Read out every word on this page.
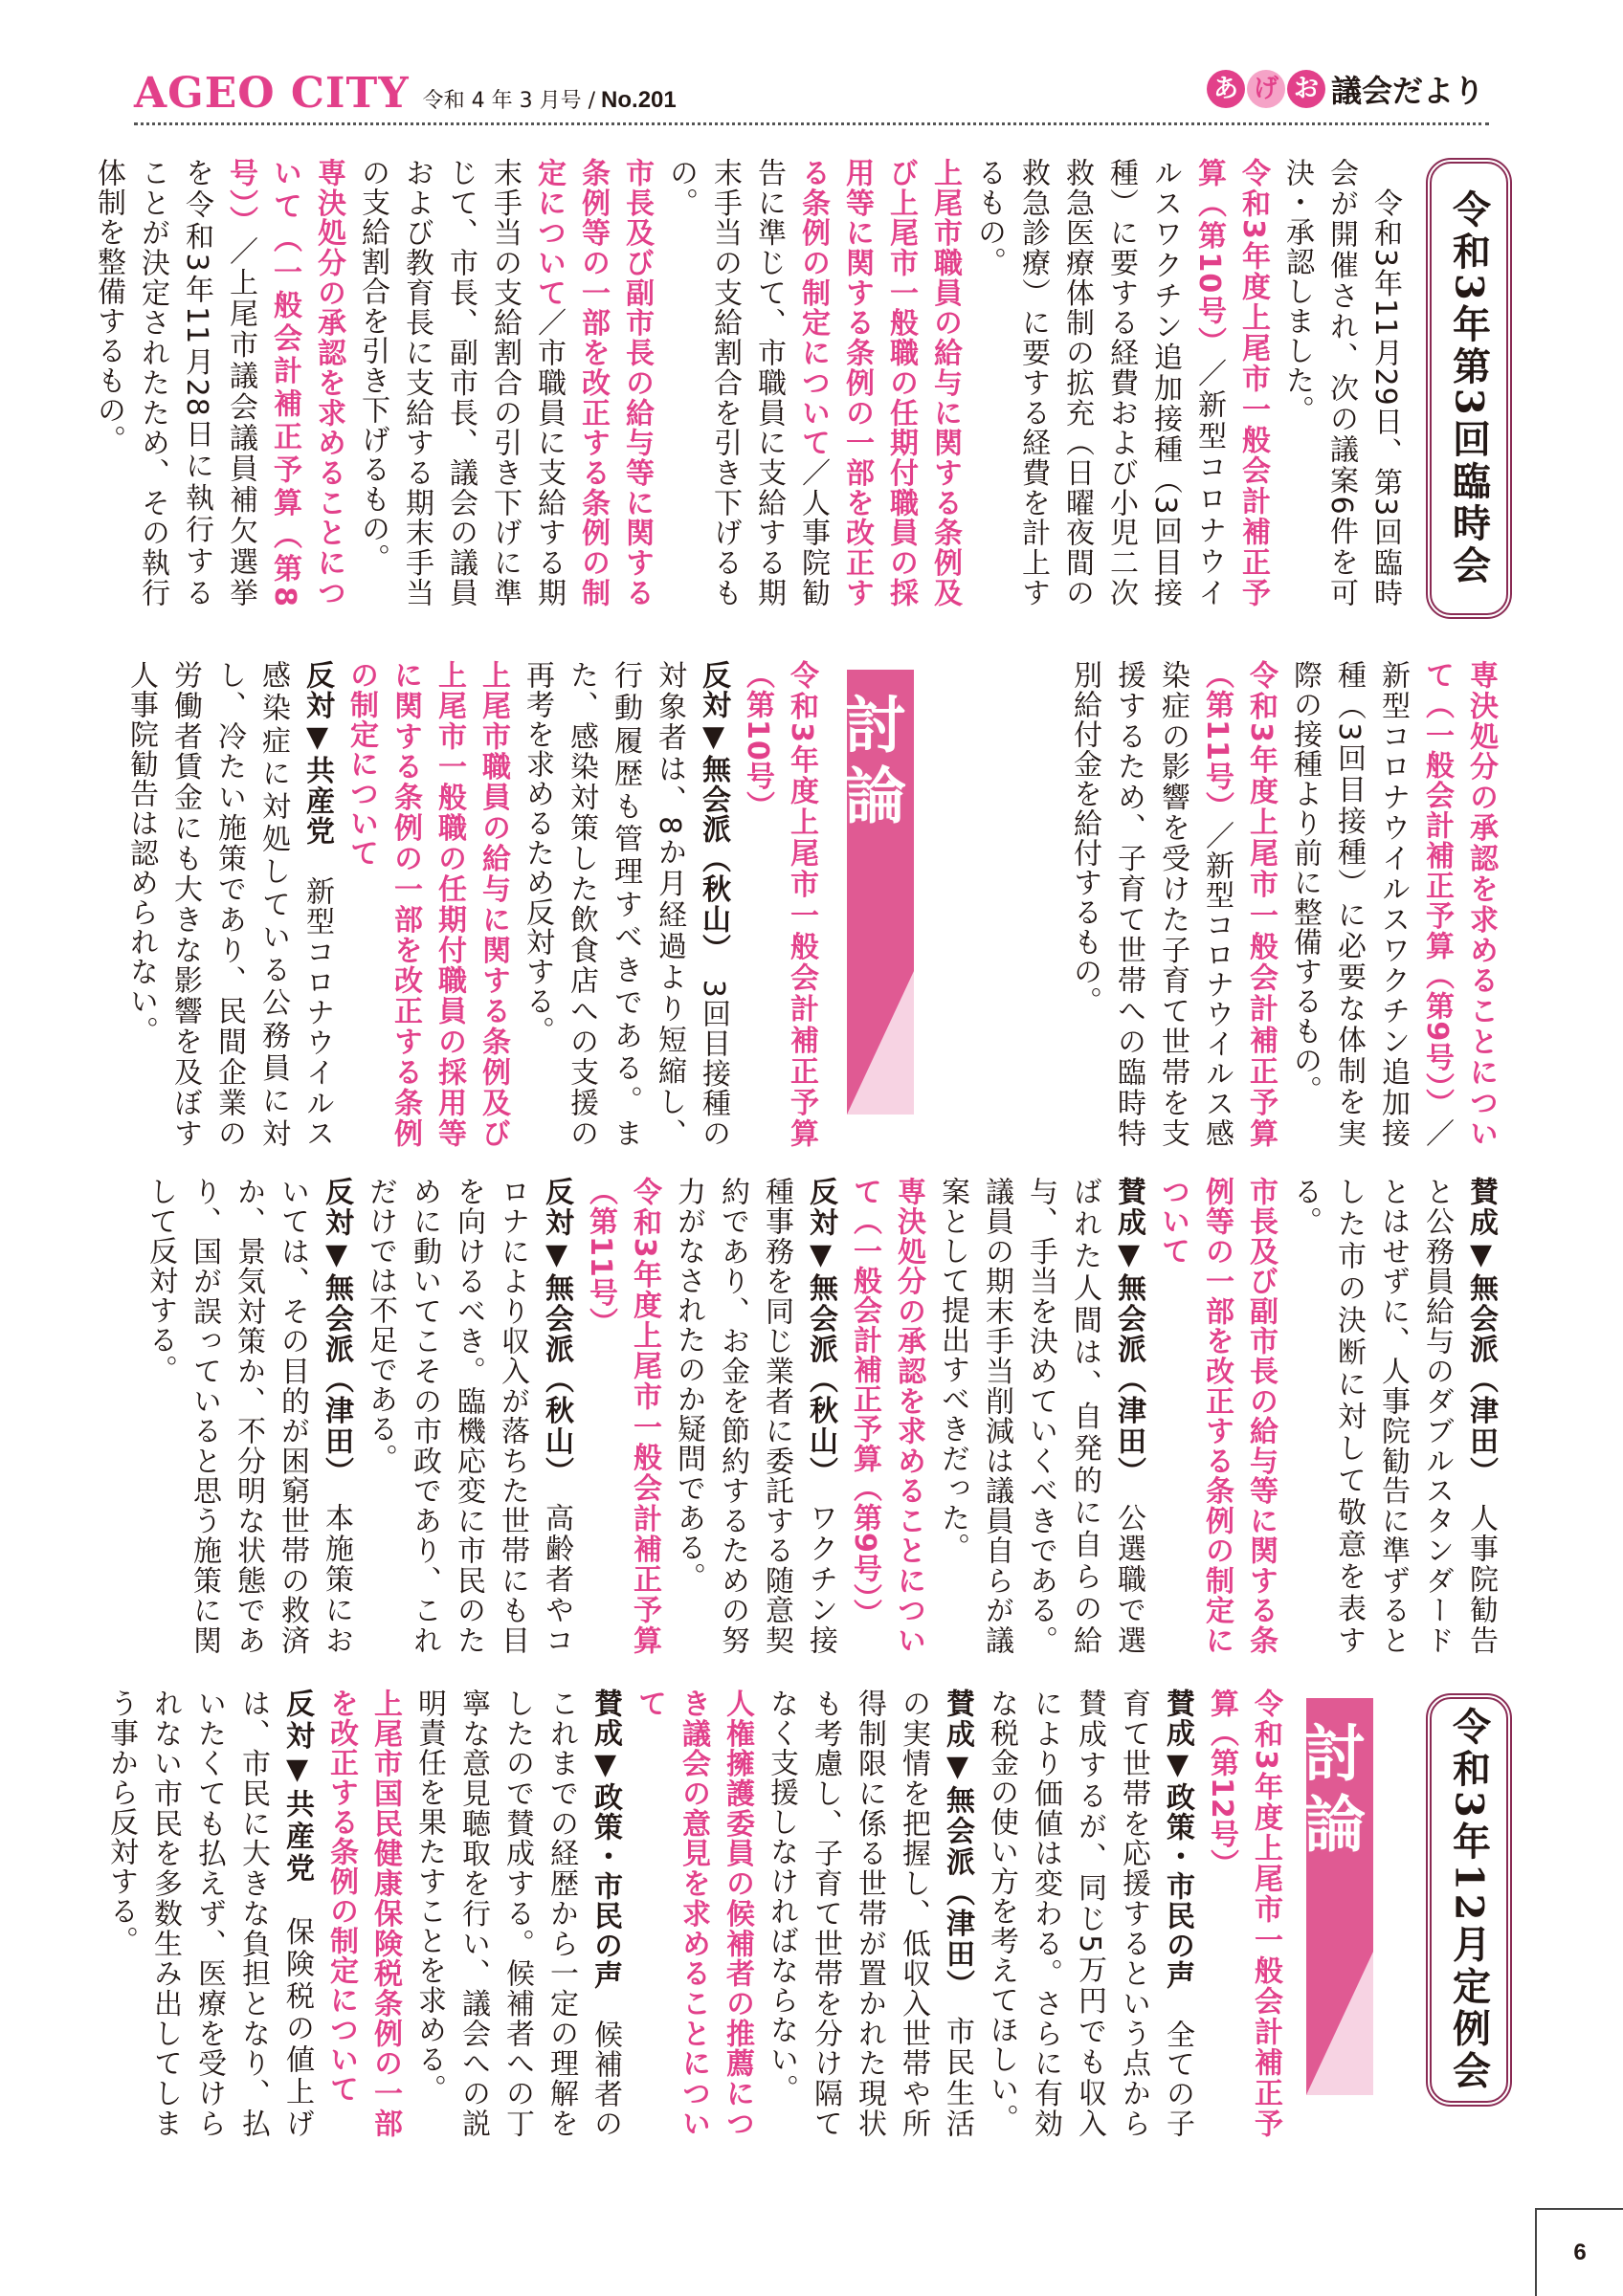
AGEO CITY 令和 4 年 3 月号 / No.201	あ げ お 議会だより
令和3年第3回臨時会

　令和3年11月29日、第3回臨時会が開催され、次の議案6件を可決・承認しました。

令和3年度上尾市一般会計補正予算（第10号）／新型コロナウイルスワクチン追加接種（3回目接種）に要する経費および小児二次救急医療体制の拡充（日曜夜間の救急診療）に要する経費を計上するもの。

上尾市職員の給与に関する条例及び上尾市一般職の任期付職員の採用等に関する条例の一部を改正する条例の制定について／人事院勧告に準じて、市職員に支給する期末手当の支給割合を引き下げるもの。

市長及び副市長の給与等に関する条例等の一部を改正する条例の制定について／市職員に支給する期末手当の支給割合の引き下げに準じて、市長、副市長、議会の議員および教育長に支給する期末手当の支給割合を引き下げるもの。

専決処分の承認を求めることについて（一般会計補正予算（第8号））／上尾市議会議員補欠選挙を令和3年11月28日に執行することが決定されたため、その執行体制を整備するもの。

専決処分の承認を求めることについて（一般会計補正予算（第9号））／新型コロナウイルスワクチン追加接種（3回目接種）に必要な体制を実際の接種より前に整備するもの。

令和3年度上尾市一般会計補正予算（第11号）／新型コロナウイルス感染症の影響を受けた子育て世帯を支援するため、子育て世帯への臨時特別給付金を給付するもの。

討論

令和3年度上尾市一般会計補正予算（第10号）

反対▼無会派（秋山）　3回目接種の対象者は、8か月経過より短縮し、行動履歴も管理すべきである。また、感染対策した飲食店への支援の再考を求めるため反対する。

上尾市職員の給与に関する条例及び上尾市一般職の任期付職員の採用等に関する条例の一部を改正する条例の制定について

反対▼共産党　新型コロナウイルス感染症に対処している公務員に対し、冷たい施策であり、民間企業の労働者賃金にも大きな影響を及ぼす人事院勧告は認められない。

賛成▼無会派（津田）　人事院勧告と公務員給与のダブルスタンダードとはせずに、人事院勧告に準ずるとした市の決断に対して敬意を表する。

市長及び副市長の給与等に関する条例等の一部を改正する条例の制定について

賛成▼無会派（津田）　公選職で選ばれた人間は、自発的に自らの給与、手当を決めていくべきである。議員の期末手当削減は議員自らが議案として提出すべきだった。

専決処分の承認を求めることについて（一般会計補正予算（第9号））

反対▼無会派（秋山）　ワクチン接種事務を同じ業者に委託する随意契約であり、お金を節約するための努力がなされたのか疑問である。

令和3年度上尾市一般会計補正予算（第11号）

反対▼無会派（秋山）　高齢者やコロナにより収入が落ちた世帯にも目を向けるべき。臨機応変に市民のために動いてこその市政であり、これだけでは不足である。

反対▼無会派（津田）　本施策においては、その目的が困窮世帯の救済か、景気対策か、不分明な状態であり、国が誤っていると思う施策に関して反対する。

令和3年12月定例会
討論

令和3年度上尾市一般会計補正予算（第12号）

賛成▼政策・市民の声　全ての子育て世帯を応援するという点から賛成するが、同じ5万円でも収入により価値は変わる。さらに有効な税金の使い方を考えてほしい。

賛成▼無会派（津田）　市民生活の実情を把握し、低収入世帯や所得制限に係る世帯が置かれた現状も考慮し、子育て世帯を分け隔てなく支援しなければならない。

人権擁護委員の候補者の推薦につき議会の意見を求めることについて

賛成▼政策・市民の声　候補者のこれまでの経歴から一定の理解をしたので賛成する。候補者への丁寧な意見聴取を行い、議会への説明責任を果たすことを求める。

上尾市国民健康保険税条例の一部を改正する条例の制定について

反対▼共産党　保険税の値上げは、市民に大きな負担となり、払いたくても払えず、医療を受けられない市民を多数生み出してしまう事から反対する。

6
